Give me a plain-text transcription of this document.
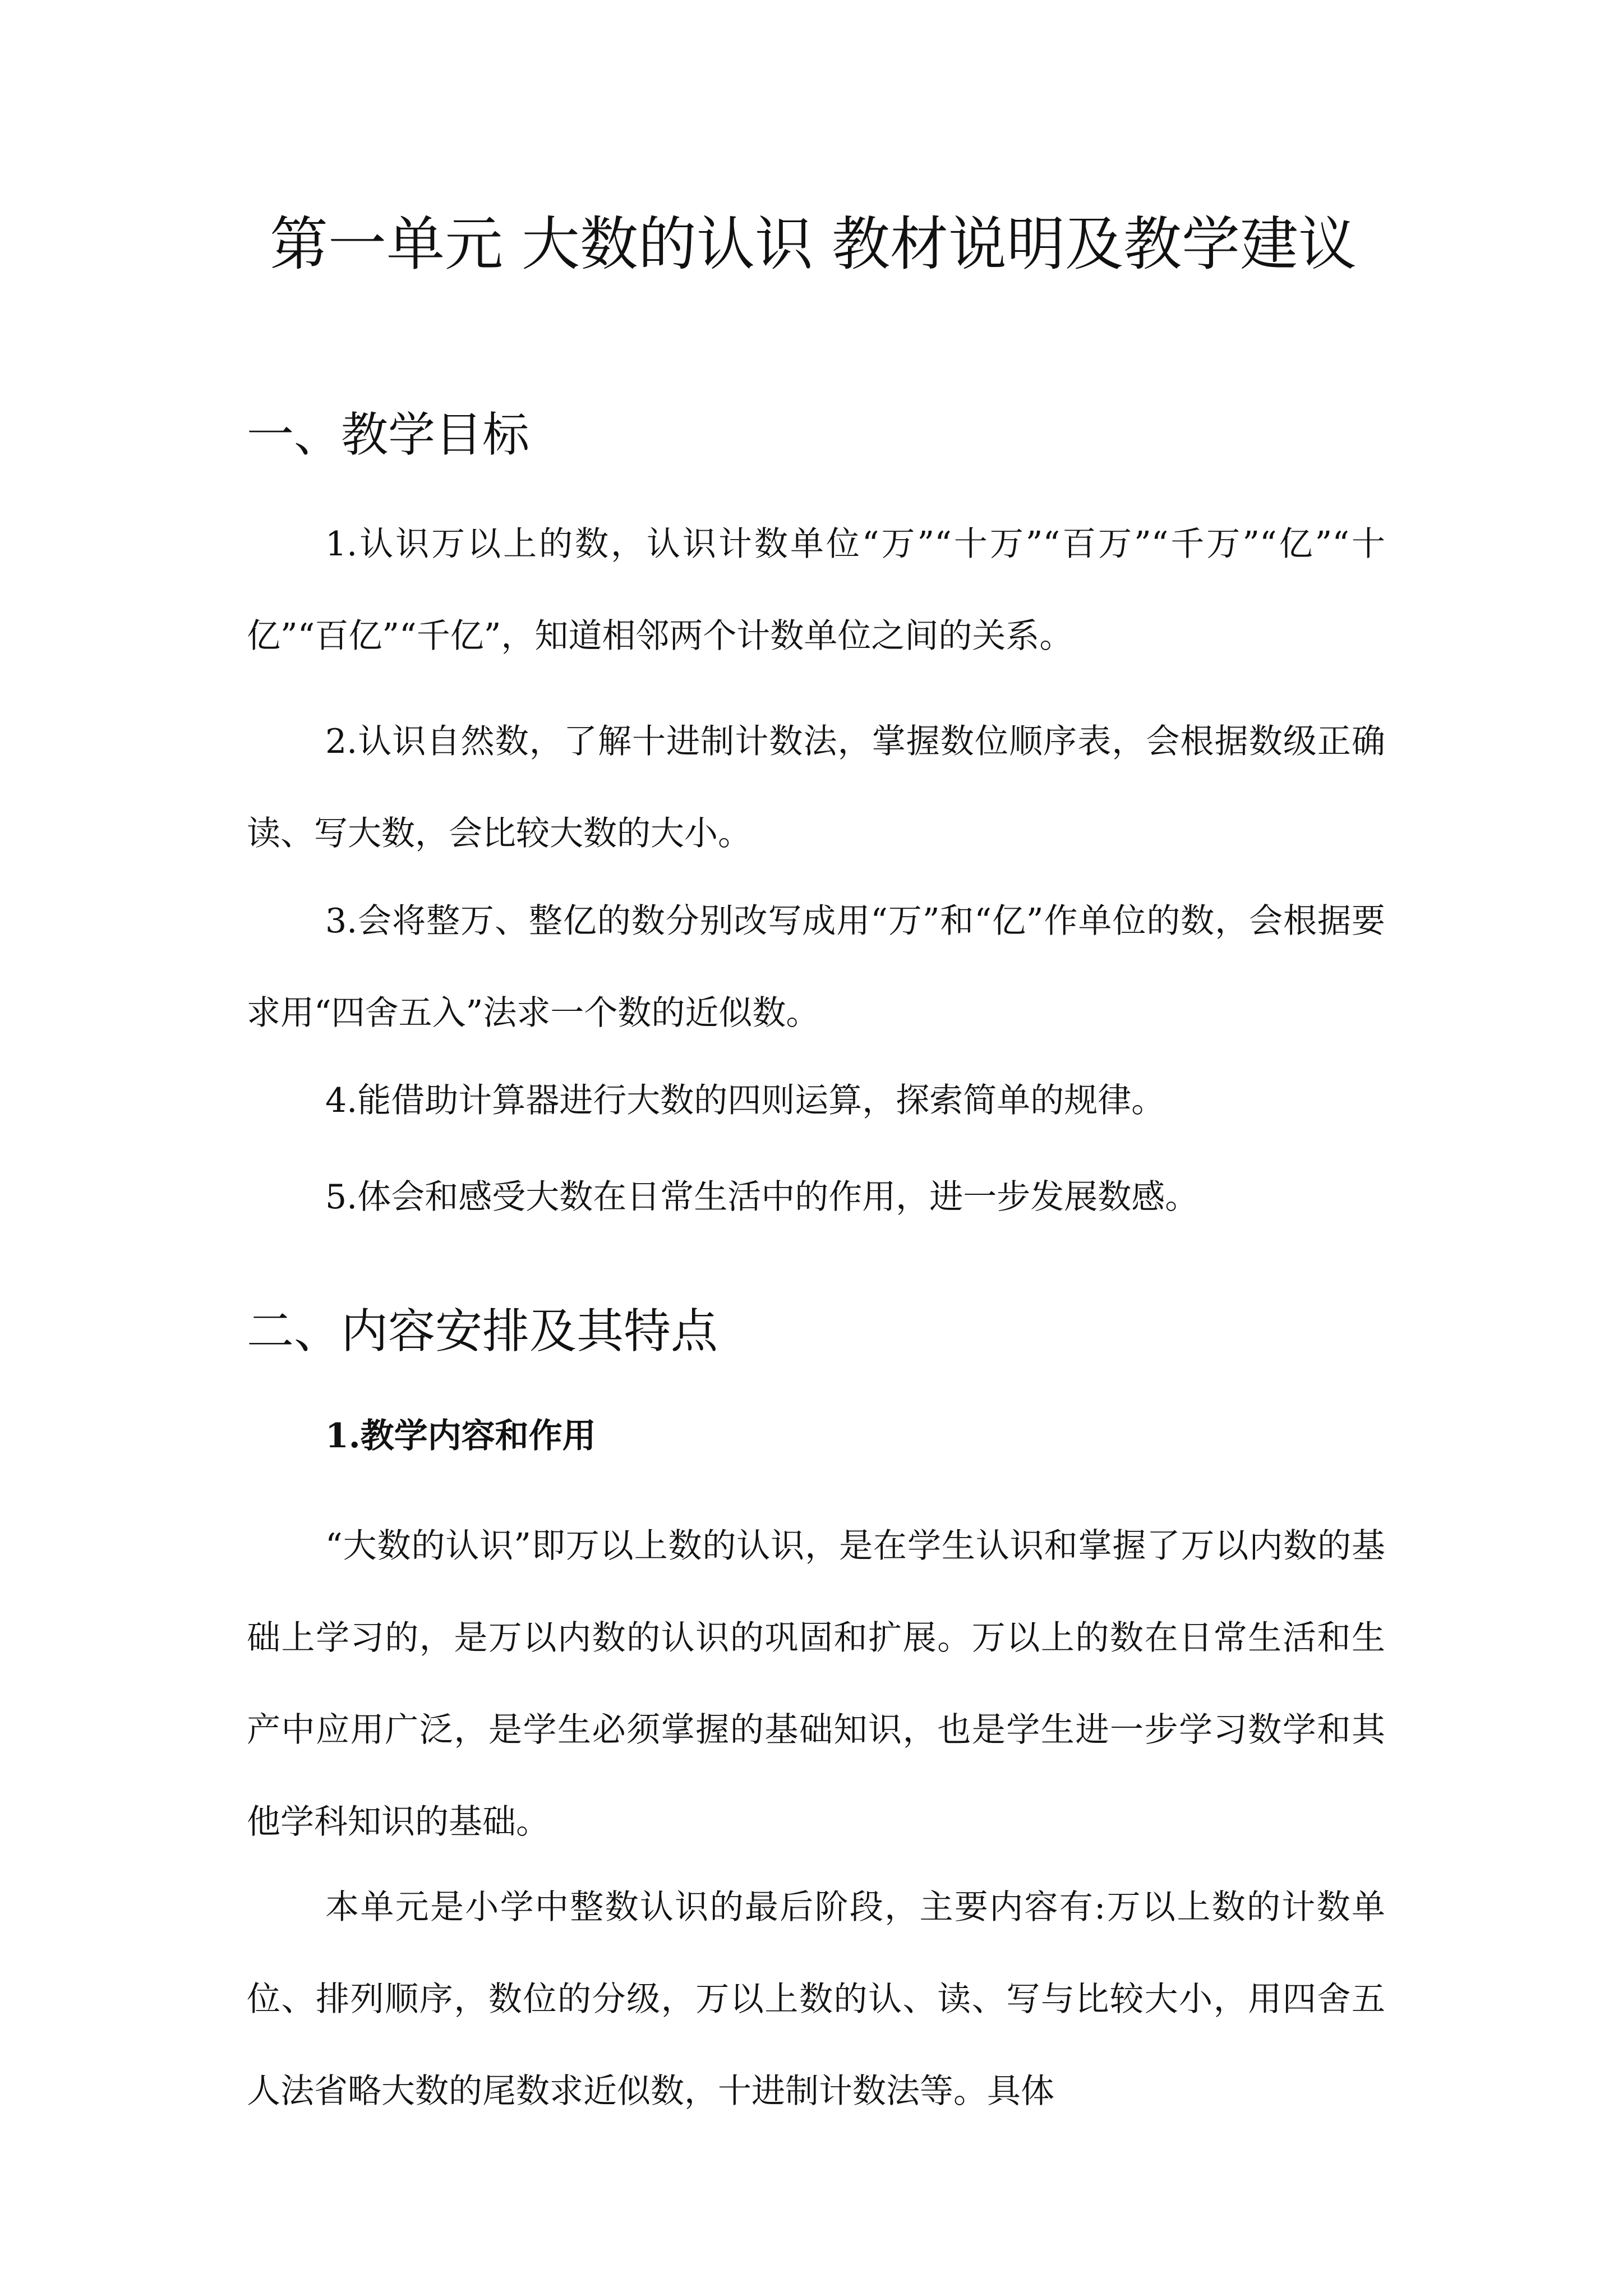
第一单元 大数的认识 教材说明及教学建议
一、教学目标

1.认识万以上的数，认识计数单位“万”“十万”“百万”“千万”“亿”“十亿”“百亿”“千亿”，知道相邻两个计数单位之间的关系。

2.认识自然数，了解十进制计数法，掌握数位顺序表，会根据数级正确读、写大数，会比较大数的大小。

3.会将整万、整亿的数分别改写成用“万”和“亿”作单位的数，会根据要求用“四舍五入”法求一个数的近似数。

4.能借助计算器进行大数的四则运算，探索简单的规律。

5.体会和感受大数在日常生活中的作用，进一步发展数感。

二、内容安排及其特点

1.教学内容和作用

“大数的认识”即万以上数的认识，是在学生认识和掌握了万以内数的基础上学习的，是万以内数的认识的巩固和扩展。万以上的数在日常生活和生产中应用广泛，是学生必须掌握的基础知识，也是学生进一步学习数学和其他学科知识的基础。

本单元是小学中整数认识的最后阶段，主要内容有:万以上数的计数单位、排列顺序，数位的分级，万以上数的认、读、写与比较大小，用四舍五人法省略大数的尾数求近似数，十进制计数法等。具体
